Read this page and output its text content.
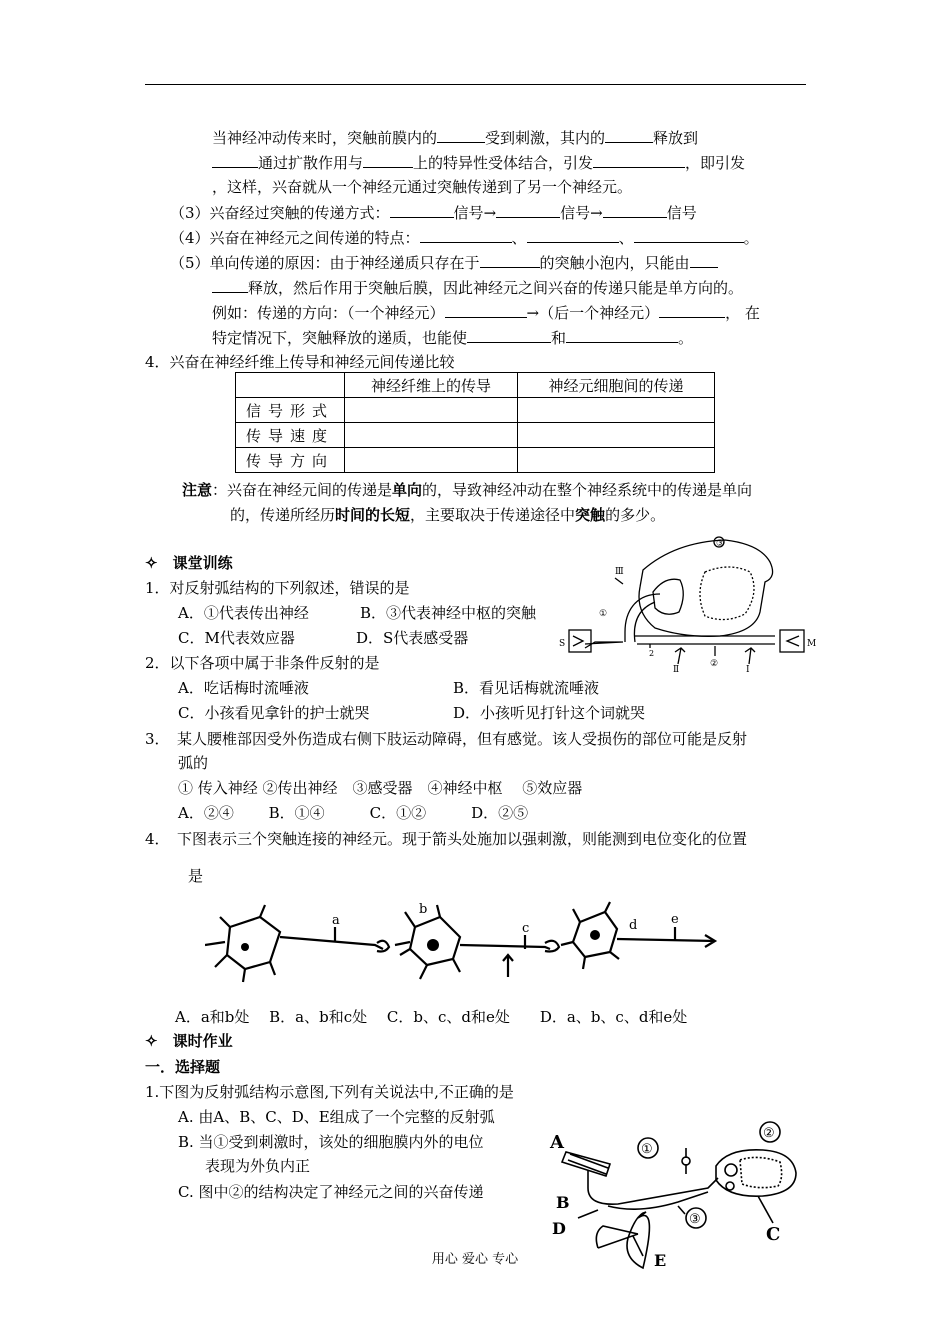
当神经冲动传来时，突触前膜内的	受到刺激，其内的	释放到
通过扩散作用与	上的特异性受体结合，引发	，即引发
，这样，兴奋就从一个神经元通过突触传递到了另一个神经元。
（3）兴奋经过突触的传递方式：	信号→	信号→	信号
（4）兴奋在神经元之间传递的特点：	、	、	。
（5）单向传递的原因：由于神经递质只存在于	的突触小泡内，只能由
释放，然后作用于突触后膜，因此神经元之间兴奋的传递只能是单方向的。
例如：传递的方向：（一个神经元）	→（后一个神经元）	， 在
特定情况下，突触释放的递质，也能使	和	。
4．兴奋在神经纤维上传导和神经元间传递比较
	神经纤维上的传导	神经元细胞间的传递
信号形式		
传导速度		
传导方向		
注意：兴奋在神经元间的传递是单向的，导致神经冲动在整个神经系统中的传递是单向
的，传递所经历时间的长短，主要取决于传递途径中突触的多少。
✧　课堂训练
1．对反射弧结构的下列叙述，错误的是
A．①代表传出神经	B．③代表神经中枢的突触
C．M代表效应器	D．S代表感受器
③
Ⅲ
①
S
2
Ⅱ
②
Ⅰ
M
2．以下各项中属于非条件反射的是
A．吃话梅时流唾液	B．看见话梅就流唾液
C．小孩看见拿针的护士就哭	D．小孩听见打针这个词就哭
3．　某人腰椎部因受外伤造成右侧下肢运动障碍，但有感觉。该人受损伤的部位可能是反射
弧的
① 传入神经 ②传出神经　③感受器　④神经中枢　 ⑤效应器
A．②④　　 B．①④　　　C．①②　　　D．②⑤
4．　下图表示三个突触连接的神经元。现于箭头处施加以强刺激，则能测到电位变化的位置
是
a
b
c	d	e
A．a和b处　 B．a、b和c处　 C．b、c、d和e处　　D．a、b、c、d和e处
✧　课时作业
一．选择题
1.下图为反射弧结构示意图,下列有关说法中,不正确的是
A. 由A、B、C、D、E组成了一个完整的反射弧
B. 当①受到刺激时，该处的细胞膜内外的电位
表现为外负内正
C. 图中②的结构决定了神经元之间的兴奋传递
A
B
C
D
E
①
②
③
用心 爱心 专心
